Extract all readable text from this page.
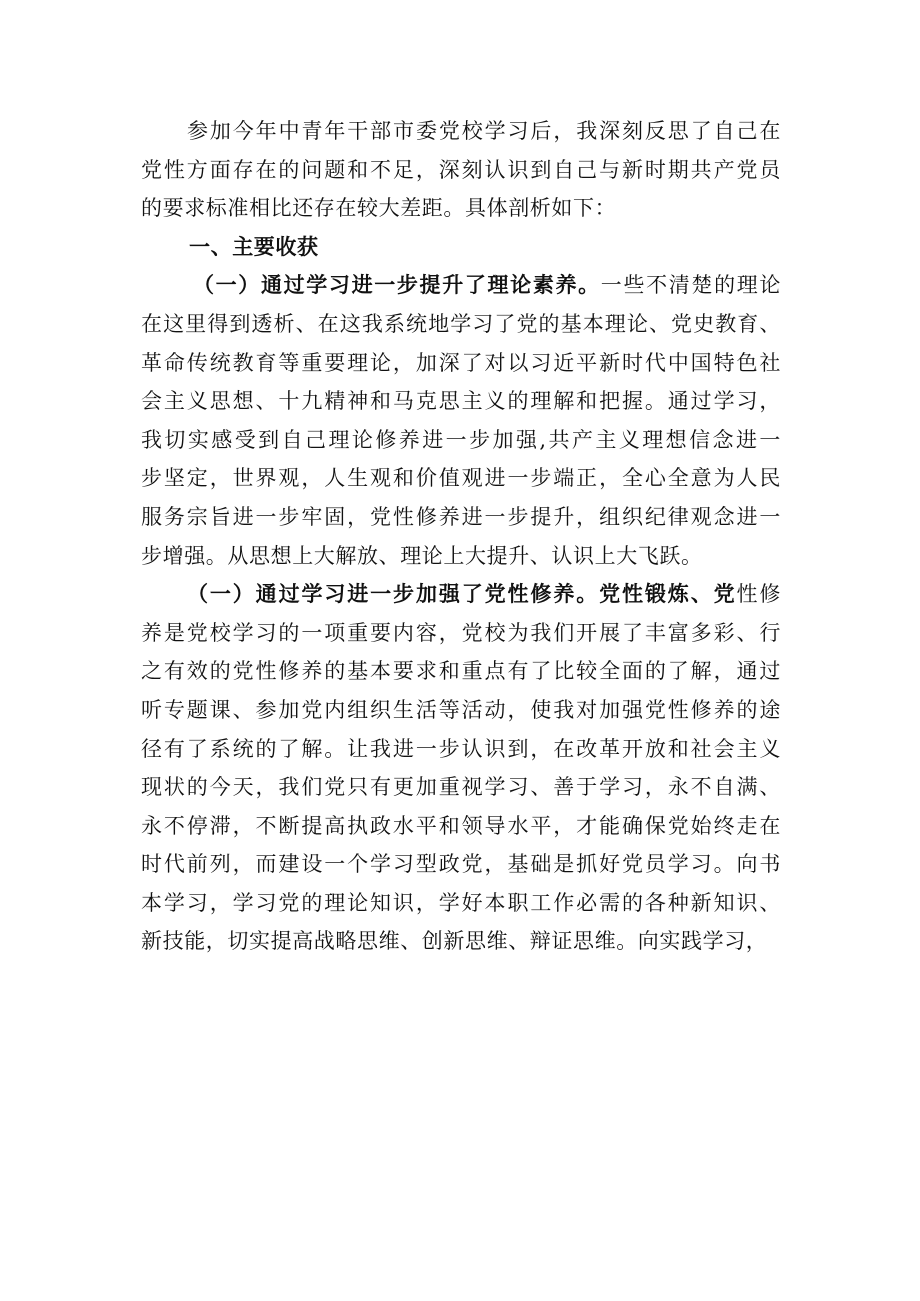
参加今年中青年干部市委党校学习后，我深刻反思了自己在
党性方面存在的问题和不足，深刻认识到自己与新时期共产党员
的要求标准相比还存在较大差距。具体剖析如下：
一、主要收获
（一）通过学习进一步提升了理论素养。一些不清楚的理论
在这里得到透析、在这我系统地学习了党的基本理论、党史教育、
革命传统教育等重要理论，加深了对以习近平新时代中国特色社
会主义思想、十九精神和马克思主义的理解和把握。通过学习，
我切实感受到自己理论修养进一步加强,共产主义理想信念进一
步坚定，世界观，人生观和价值观进一步端正，全心全意为人民
服务宗旨进一步牢固，党性修养进一步提升，组织纪律观念进一
步增强。从思想上大解放、理论上大提升、认识上大飞跃。
（一）通过学习进一步加强了党性修养。党性锻炼、党性修
养是党校学习的一项重要内容，党校为我们开展了丰富多彩、行
之有效的党性修养的基本要求和重点有了比较全面的了解，通过
听专题课、参加党内组织生活等活动，使我对加强党性修养的途
径有了系统的了解。让我进一步认识到，在改革开放和社会主义
现状的今天，我们党只有更加重视学习、善于学习，永不自满、
永不停滞，不断提高执政水平和领导水平，才能确保党始终走在
时代前列，而建设一个学习型政党，基础是抓好党员学习。向书
本学习，学习党的理论知识，学好本职工作必需的各种新知识、
新技能，切实提高战略思维、创新思维、辩证思维。向实践学习，
